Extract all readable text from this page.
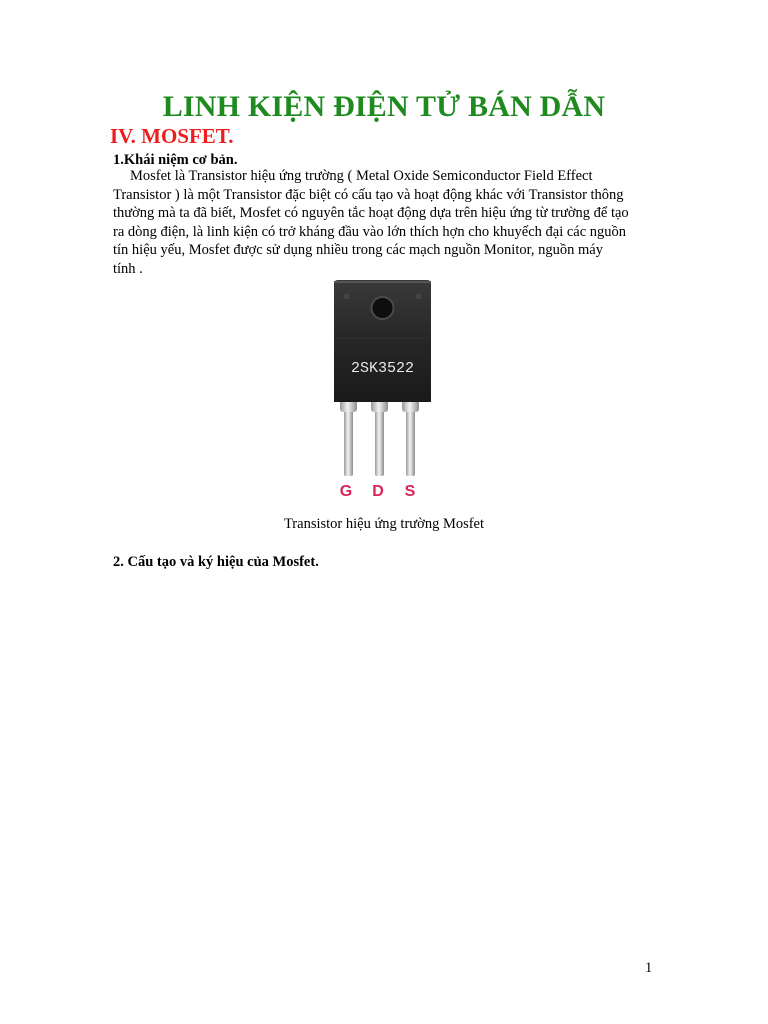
LINH KIỆN ĐIỆN TỬ BÁN DẪN
IV. MOSFET.

1.Khái niệm cơ bản.

Mosfet là Transistor hiệu ứng trường ( Metal Oxide Semiconductor Field Effect
Transistor ) là một Transistor đặc biệt có cấu tạo và hoạt động khác với Transistor thông
thường mà ta đã biết, Mosfet có nguyên tắc hoạt động dựa trên hiệu ứng từ trường để tạo
ra dòng điện, là linh kiện có trở kháng đầu vào lớn thích hợn cho khuyếch đại các nguồn
tín hiệu yếu, Mosfet được sử dụng nhiều trong các mạch nguồn Monitor, nguồn máy
tính .

2SK3522
G D S

Transistor hiệu ứng trường Mosfet

2. Cấu tạo và ký hiệu của Mosfet.

1
